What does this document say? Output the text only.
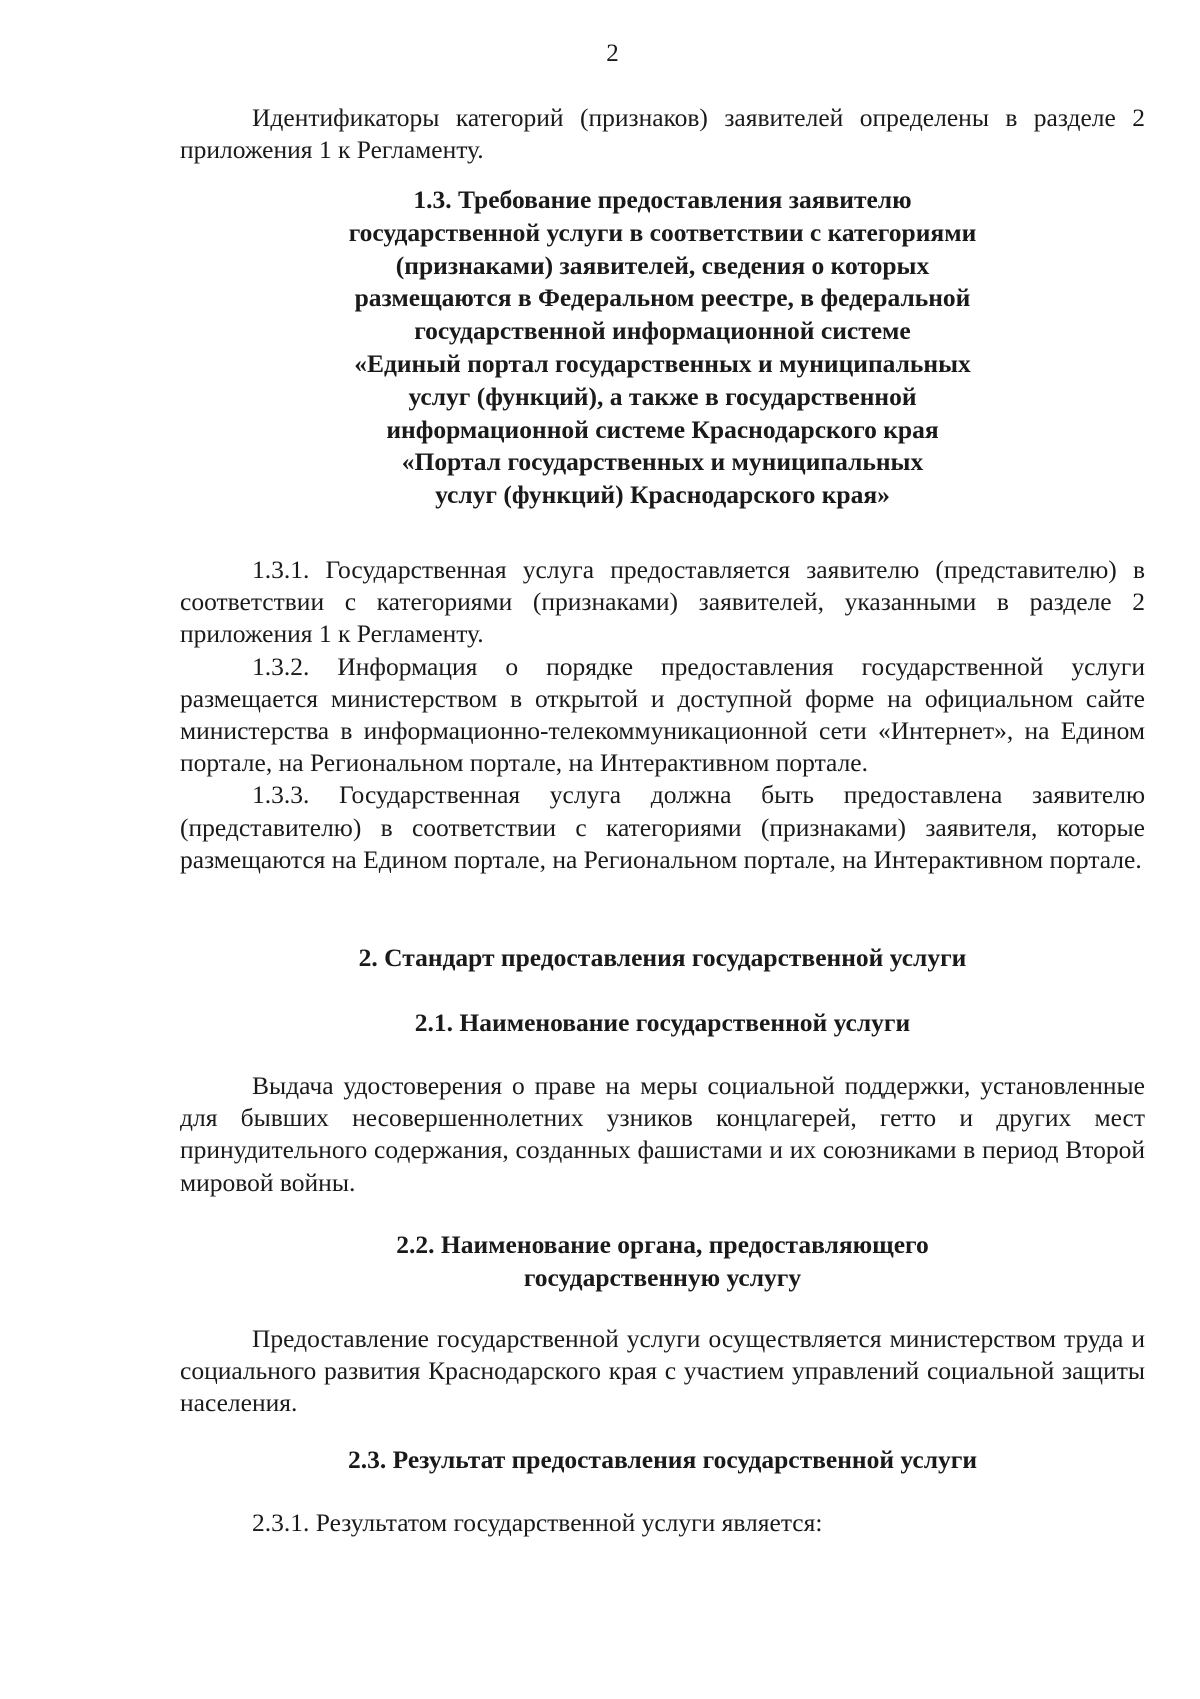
2

Идентификаторы категорий (признаков) заявителей определены в разделе 2 приложения 1 к Регламенту.

1.3. Требование предоставления заявителю
государственной услуги в соответствии с категориями
(признаками) заявителей, сведения о которых
размещаются в Федеральном реестре, в федеральной
государственной информационной системе
«Единый портал государственных и муниципальных
услуг (функций), а также в государственной
информационной системе Краснодарского края
«Портал государственных и муниципальных
услуг (функций) Краснодарского края»

1.3.1. Государственная услуга предоставляется заявителю (представителю) в соответствии с категориями (признаками) заявителей, указанными в разделе 2 приложения 1 к Регламенту.

1.3.2. Информация о порядке предоставления государственной услуги размещается министерством в открытой и доступной форме на официальном сайте министерства в информационно-телекоммуникационной сети «Интернет», на Едином портале, на Региональном портале, на Интерактивном портале.

1.3.3. Государственная услуга должна быть предоставлена заявителю (представителю) в соответствии с категориями (признаками) заявителя, которые размещаются на Едином портале, на Региональном портале, на Интерактивном портале.

2. Стандарт предоставления государственной услуги
2.1. Наименование государственной услуги

Выдача удостоверения о праве на меры социальной поддержки, установленные для бывших несовершеннолетних узников концлагерей, гетто и других мест принудительного содержания, созданных фашистами и их союзниками в период Второй мировой войны.

2.2. Наименование органа, предоставляющего
государственную услугу

Предоставление государственной услуги осуществляется министерством труда и социального развития Краснодарского края с участием управлений социальной защиты населения.

2.3. Результат предоставления государственной услуги

2.3.1. Результатом государственной услуги является:
